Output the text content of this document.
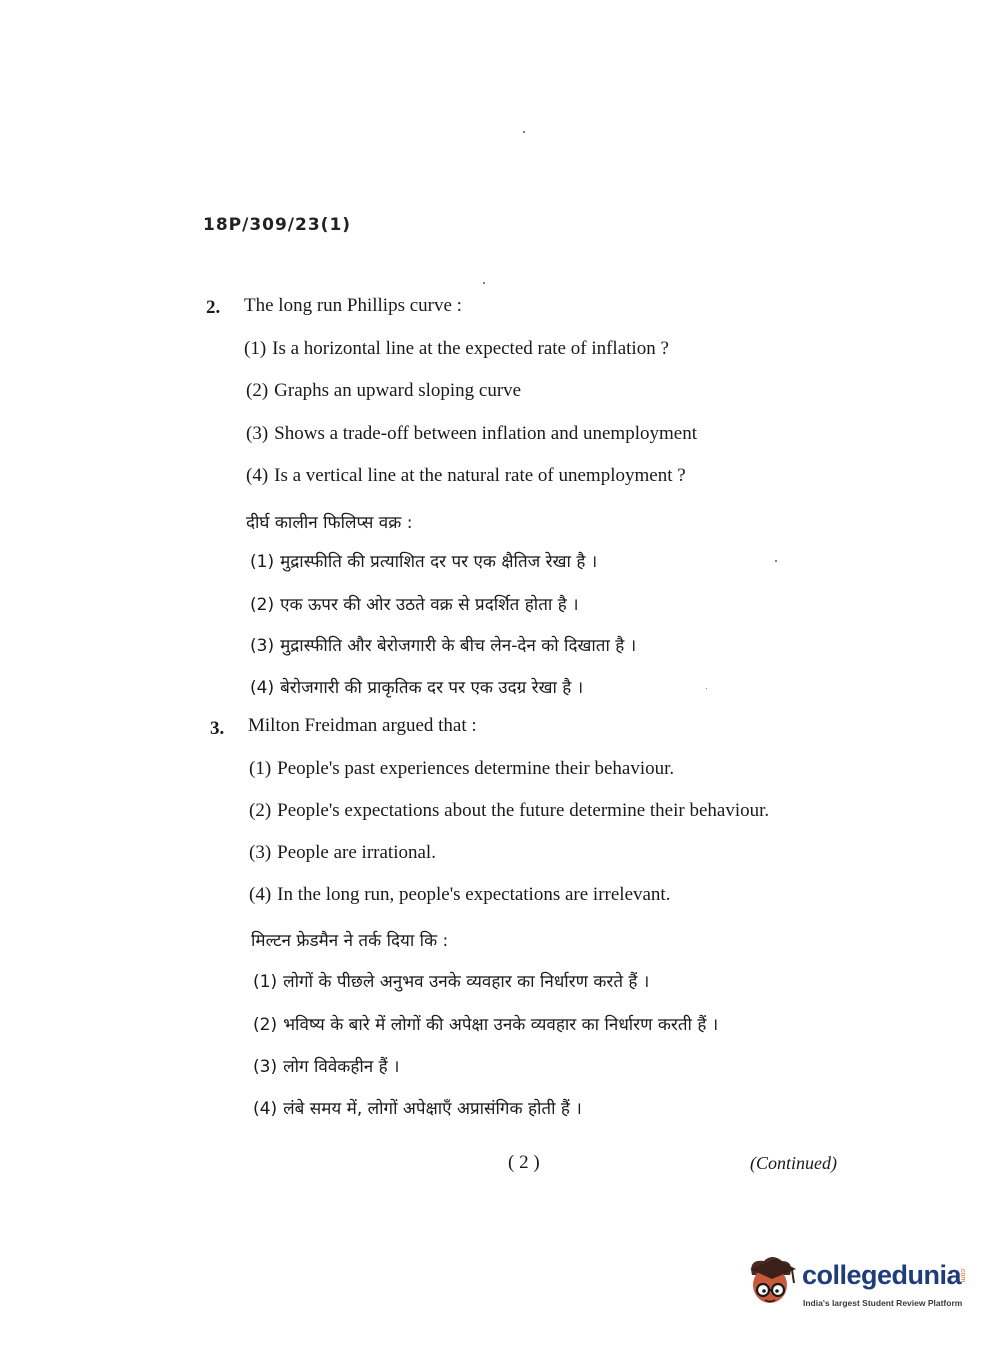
18P/309/23(1)
2. The long run Phillips curve :
(1) Is a horizontal line at the expected rate of inflation ?
(2) Graphs an upward sloping curve
(3) Shows a trade-off between inflation and unemployment
(4) Is a vertical line at the natural rate of unemployment ?
दीर्घ कालीन फिलिप्स वक्र :
(1) मुद्रास्फीति की प्रत्याशित दर पर एक क्षैतिज रेखा है ।
(2) एक ऊपर की ओर उठते वक्र से प्रदर्शित होता है ।
(3) मुद्रास्फीति और बेरोजगारी के बीच लेन-देन को दिखाता है ।
(4) बेरोजगारी की प्राकृतिक दर पर एक उदग्र रेखा है ।
3. Milton Freidman argued that :
(1) People's past experiences determine their behaviour.
(2) People's expectations about the future determine their behaviour.
(3) People are irrational.
(4) In the long run, people's expectations are irrelevant.
मिल्टन फ्रेडमैन ने तर्क दिया कि :
(1) लोगों के पीछले अनुभव उनके व्यवहार का निर्धारण करते हैं ।
(2) भविष्य के बारे में लोगों की अपेक्षा उनके व्यवहार का निर्धारण करती हैं ।
(3) लोग विवेकहीन हैं ।
(4) लंबे समय में, लोगों अपेक्षाएँ अप्रासंगिक होती हैं ।
( 2 )	(Continued)
collegedunia
.com
India's largest Student Review Platform
